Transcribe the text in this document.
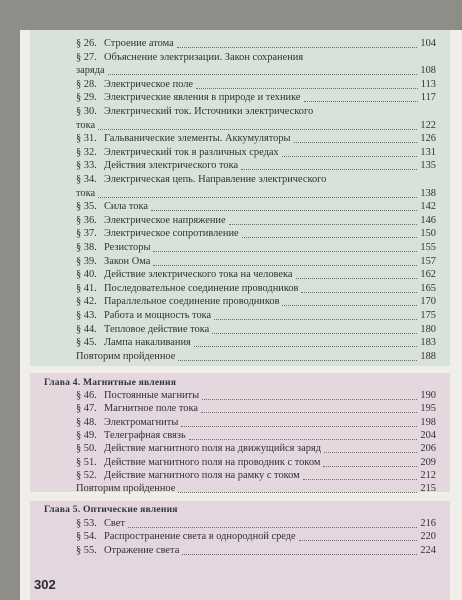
§ 26. Строение атома	104
§ 27. Объяснение электризации. Закон сохранения
заряда	108
§ 28. Электрическое поле	113
§ 29. Электрические явления в природе и технике	117
§ 30. Электрический ток. Источники электрического
тока	122
§ 31. Гальванические элементы. Аккумуляторы	126
§ 32. Электрический ток в различных средах	131
§ 33. Действия электрического тока	135
§ 34. Электрическая цепь. Направление электрического
тока	138
§ 35. Сила тока	142
§ 36. Электрическое напряжение	146
§ 37. Электрическое сопротивление	150
§ 38. Резисторы	155
§ 39. Закон Ома	157
§ 40. Действие электрического тока на человека	162
§ 41. Последовательное соединение проводников	165
§ 42. Параллельное соединение проводников	170
§ 43. Работа и мощность тока	175
§ 44. Тепловое действие тока	180
§ 45. Лампа накаливания	183
Повторим пройденное	188
Глава 4. Магнитные явления
§ 46. Постоянные магниты	190
§ 47. Магнитное поле тока	195
§ 48. Электромагниты	198
§ 49. Телеграфная связь	204
§ 50. Действие магнитного поля на движущийся заряд	206
§ 51. Действие магнитного поля на проводник с током	209
§ 52. Действие магнитного поля на рамку с током	212
Повторим пройденное	215
Глава 5. Оптические явления
§ 53. Свет	216
§ 54. Распространение света в однородной среде	220
§ 55. Отражение света	224
302
